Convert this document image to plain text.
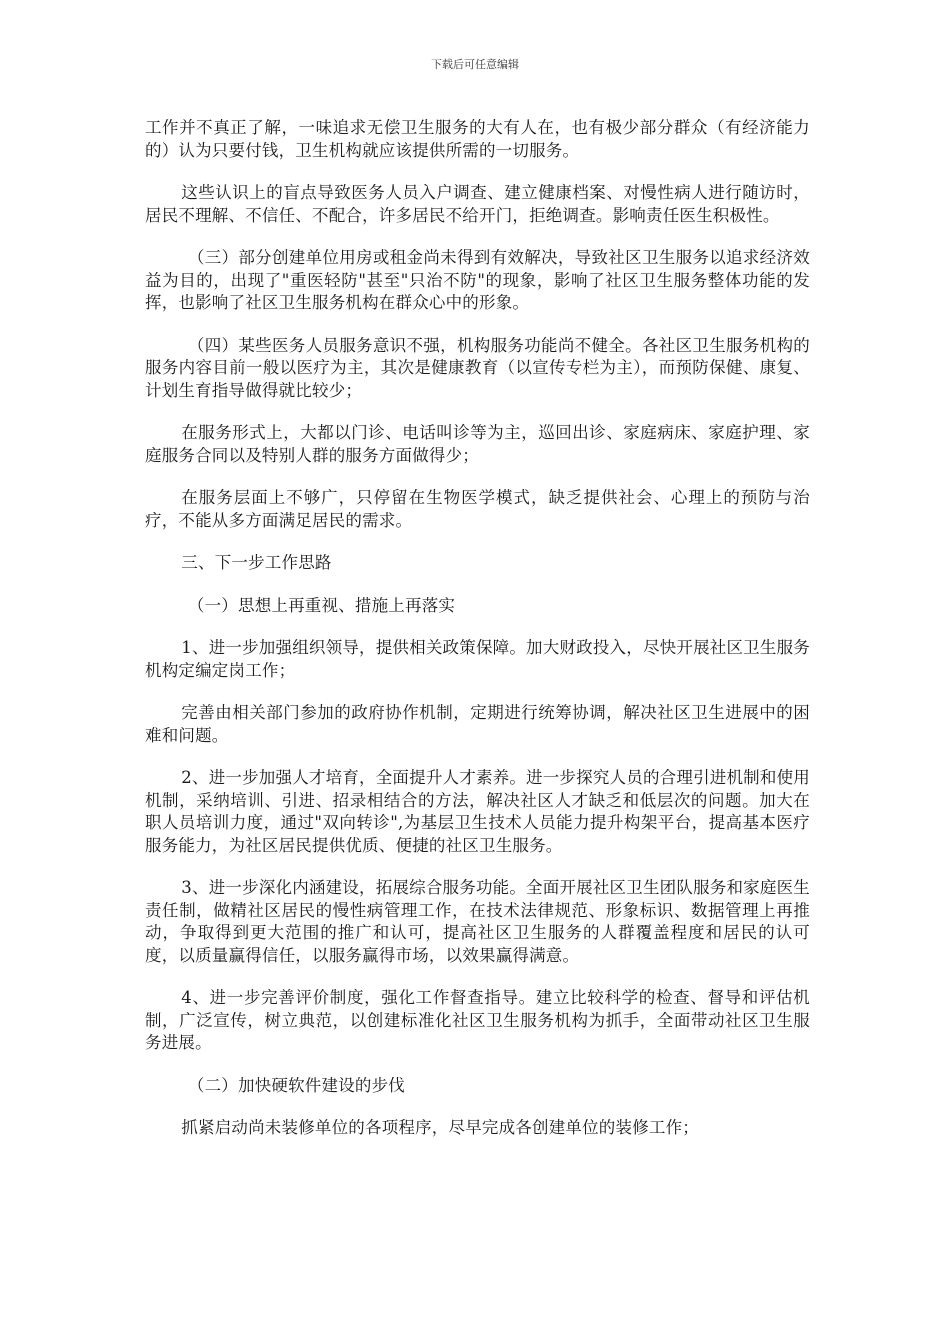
下载后可任意编辑

工作并不真正了解，一味追求无偿卫生服务的大有人在，也有极少部分群众（有经济能力的）认为只要付钱，卫生机构就应该提供所需的一切服务。

这些认识上的盲点导致医务人员入户调查、建立健康档案、对慢性病人进行随访时，居民不理解、不信任、不配合，许多居民不给开门，拒绝调查。影响责任医生积极性。

（三）部分创建单位用房或租金尚未得到有效解决，导致社区卫生服务以追求经济效益为目的，出现了"重医轻防"甚至"只治不防"的现象，影响了社区卫生服务整体功能的发挥，也影响了社区卫生服务机构在群众心中的形象。

（四）某些医务人员服务意识不强，机构服务功能尚不健全。各社区卫生服务机构的服务内容目前一般以医疗为主，其次是健康教育（以宣传专栏为主），而预防保健、康复、计划生育指导做得就比较少；

在服务形式上，大都以门诊、电话叫诊等为主，巡回出诊、家庭病床、家庭护理、家庭服务合同以及特别人群的服务方面做得少；

在服务层面上不够广，只停留在生物医学模式，缺乏提供社会、心理上的预防与治疗，不能从多方面满足居民的需求。

三、下一步工作思路

（一）思想上再重视、措施上再落实

1、进一步加强组织领导，提供相关政策保障。加大财政投入，尽快开展社区卫生服务机构定编定岗工作；

完善由相关部门参加的政府协作机制，定期进行统筹协调，解决社区卫生进展中的困难和问题。

2、进一步加强人才培育，全面提升人才素养。进一步探究人员的合理引进机制和使用机制，采纳培训、引进、招录相结合的方法，解决社区人才缺乏和低层次的问题。加大在职人员培训力度，通过"双向转诊",为基层卫生技术人员能力提升构架平台，提高基本医疗服务能力，为社区居民提供优质、便捷的社区卫生服务。

3、进一步深化内涵建设，拓展综合服务功能。全面开展社区卫生团队服务和家庭医生责任制，做精社区居民的慢性病管理工作，在技术法律规范、形象标识、数据管理上再推动，争取得到更大范围的推广和认可，提高社区卫生服务的人群覆盖程度和居民的认可度，以质量赢得信任，以服务赢得市场，以效果赢得满意。

4、进一步完善评价制度，强化工作督查指导。建立比较科学的检查、督导和评估机制，广泛宣传，树立典范，以创建标准化社区卫生服务机构为抓手，全面带动社区卫生服务进展。

（二）加快硬软件建设的步伐

抓紧启动尚未装修单位的各项程序，尽早完成各创建单位的装修工作；
